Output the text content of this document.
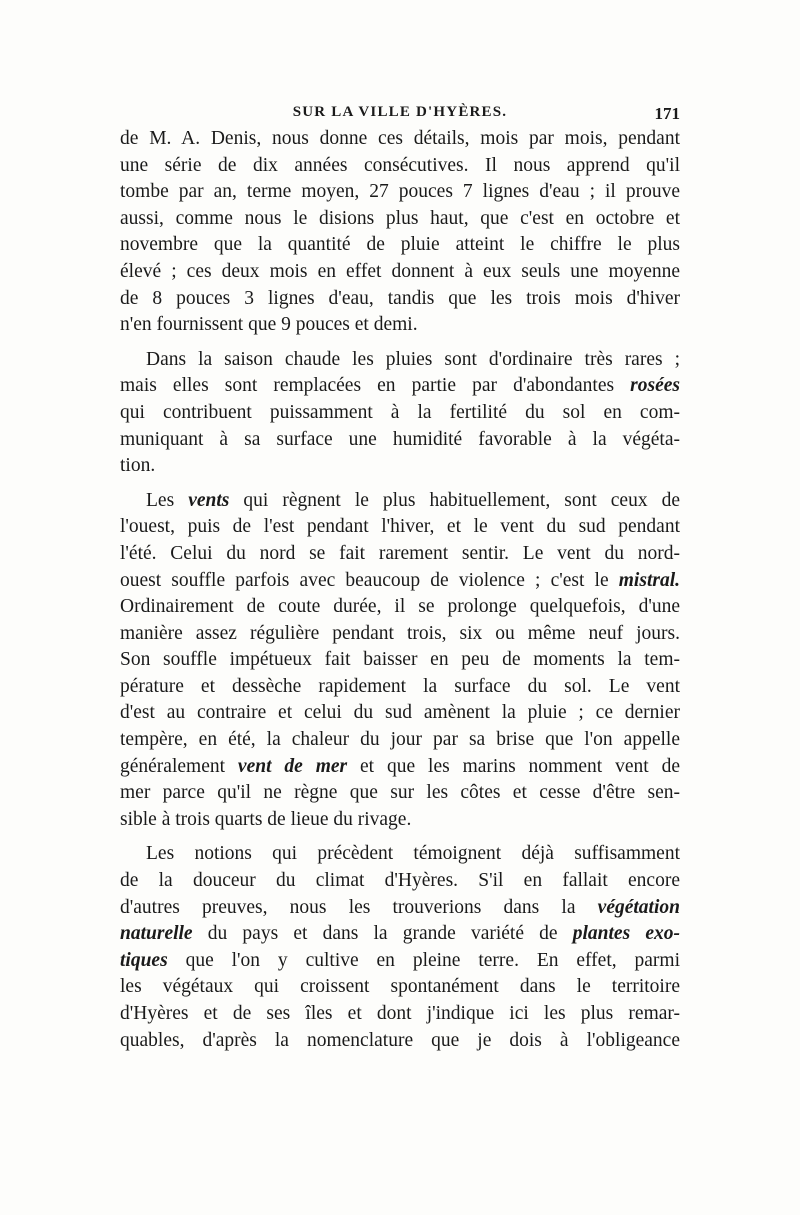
SUR LA VILLE D'HYÈRES.	171
de M. A. Denis, nous donne ces détails, mois par mois, pendant
une série de dix années consécutives. Il nous apprend qu'il
tombe par an, terme moyen, 27 pouces 7 lignes d'eau ; il prouve
aussi, comme nous le disions plus haut, que c'est en octobre et
novembre que la quantité de pluie atteint le chiffre le plus
élevé ; ces deux mois en effet donnent à eux seuls une moyenne
de 8 pouces 3 lignes d'eau, tandis que les trois mois d'hiver
n'en fournissent que 9 pouces et demi.
Dans la saison chaude les pluies sont d'ordinaire très rares ;
mais elles sont remplacées en partie par d'abondantes rosées
qui contribuent puissamment à la fertilité du sol en com-
muniquant à sa surface une humidité favorable à la végéta-
tion.
Les vents qui règnent le plus habituellement, sont ceux de
l'ouest, puis de l'est pendant l'hiver, et le vent du sud pendant
l'été. Celui du nord se fait rarement sentir. Le vent du nord-
ouest souffle parfois avec beaucoup de violence ; c'est le mistral.
Ordinairement de coute durée, il se prolonge quelquefois, d'une
manière assez régulière pendant trois, six ou même neuf jours.
Son souffle impétueux fait baisser en peu de moments la tem-
pérature et dessèche rapidement la surface du sol. Le vent
d'est au contraire et celui du sud amènent la pluie ; ce dernier
tempère, en été, la chaleur du jour par sa brise que l'on appelle
généralement vent de mer et que les marins nomment vent de
mer parce qu'il ne règne que sur les côtes et cesse d'être sen-
sible à trois quarts de lieue du rivage.
Les notions qui précèdent témoignent déjà suffisamment
de la douceur du climat d'Hyères. S'il en fallait encore
d'autres preuves, nous les trouverions dans la végétation
naturelle du pays et dans la grande variété de plantes exo-
tiques que l'on y cultive en pleine terre. En effet, parmi
les végétaux qui croissent spontanément dans le territoire
d'Hyères et de ses îles et dont j'indique ici les plus remar-
quables, d'après la nomenclature que je dois à l'obligeance
